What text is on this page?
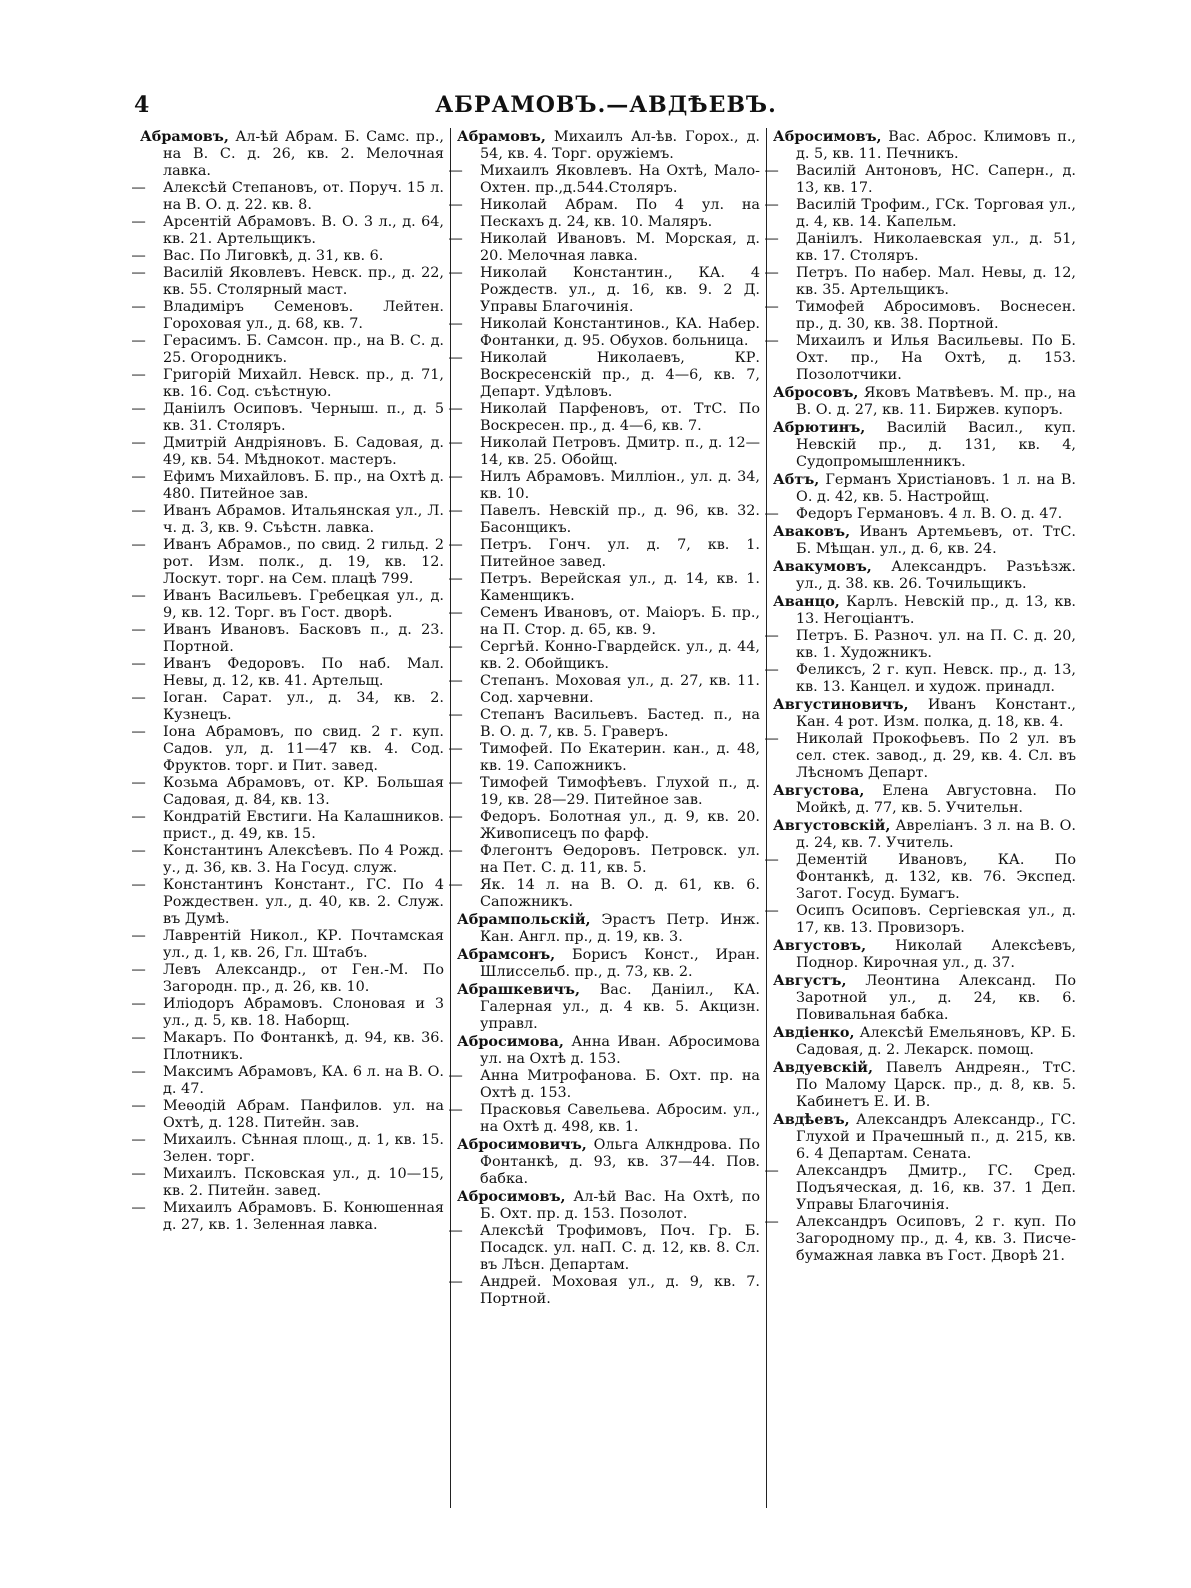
4	АБРАМОВЪ.—АВДѢЕВЪ.

Абрамовъ, Ал-ѣй Абрам. Б. Самс. пр., на В. С. д. 26, кв. 2. Мелочная лавка.

— Алексѣй Степановъ, от. Поруч. 15 л. на В. О. д. 22. кв. 8.

— Арсентій Абрамовъ. В. О. 3 л., д. 64, кв. 21. Артельщикъ.

— Вас. По Лиговкѣ, д. 31, кв. 6.

— Василій Яковлевъ. Невск. пр., д. 22, кв. 55. Столярный маст.

— Владиміръ Семеновъ. Лейтен. Гороховая ул., д. 68, кв. 7.

— Герасимъ. Б. Самсон. пр., на В. С. д. 25. Огородникъ.

— Григорій Михайл. Невск. пр., д. 71, кв. 16. Сод. съѣстную.

— Даніилъ Осиповъ. Черныш. п., д. 5 кв. 31. Столяръ.

— Дмитрій Андріяновъ. Б. Садовая, д. 49, кв. 54. Мѣднокот. мастеръ.

— Ефимъ Михайловъ. Б. пр., на Охтѣ д. 480. Питейное зав.

— Иванъ Абрамов. Итальянская ул., Л. ч. д. 3, кв. 9. Съѣстн. лавка.

— Иванъ Абрамов., по свид. 2 гильд. 2 рот. Изм. полк., д. 19, кв. 12. Лоскут. торг. на Сем. плацѣ 799.

— Иванъ Васильевъ. Гребецкая ул., д. 9, кв. 12. Торг. въ Гост. дворѣ.

— Иванъ Ивановъ. Басковъ п., д. 23. Портной.

— Иванъ Федоровъ. По наб. Мал. Невы, д. 12, кв. 41. Артельщ.

— Іоган. Сарат. ул., д. 34, кв. 2. Кузнецъ.

— Іона Абрамовъ, по свид. 2 г. куп. Садов. ул, д. 11—47 кв. 4. Сод. Фруктов. торг. и Пит. завед.

— Козьма Абрамовъ, от. КР. Большая Садовая, д. 84, кв. 13.

— Кондратій Евстиги. На Калашников. прист., д. 49, кв. 15.

— Константинъ Алексѣевъ. По 4 Рожд. у., д. 36, кв. 3. На Госуд. служ.

— Константинъ Констант., ГС. По 4 Рождествен. ул., д. 40, кв. 2. Служ. въ Думѣ.

— Лаврентій Никол., КР. Почтамская ул., д. 1, кв. 26, Гл. Штабъ.

— Левъ Александр., от Ген.-М. По Загородн. пр., д. 26, кв. 10.

— Иліодоръ Абрамовъ. Слоновая и 3 ул., д. 5, кв. 18. Наборщ.

— Макаръ. По Фонтанкѣ, д. 94, кв. 36. Плотникъ.

— Максимъ Абрамовъ, КА. 6 л. на В. О. д. 47.

— Меѳодій Абрам. Панфилов. ул. на Охтѣ, д. 128. Питейн. зав.

— Михаилъ. Сѣнная площ., д. 1, кв. 15. Зелен. торг.

— Михаилъ. Псковская ул., д. 10—15, кв. 2. Питейн. завед.

— Михаилъ Абрамовъ. Б. Конюшенная д. 27, кв. 1. Зеленная лавка.

Абрамовъ, Михаилъ Ал-ѣв. Горох., д. 54, кв. 4. Торг. оружіемъ.

— Михаилъ Яковлевъ. На Охтѣ, Мало-Охтен. пр.,д.544.Столяръ.

— Николай Абрам. По 4 ул. на Пескахъ д. 24, кв. 10. Маляръ.

— Николай Ивановъ. М. Морская, д. 20. Мелочная лавка.

— Николай Константин., КА. 4 Рождеств. ул., д. 16, кв. 9. 2 Д. Управы Благочинія.

— Николай Константинов., КА. Набер. Фонтанки, д. 95. Обухов. больница.

— Николай Николаевъ, КР. Воскресенскій пр., д. 4—6, кв. 7, Департ. Удѣловъ.

— Николай Парфеновъ, от. ТтС. По Воскресен. пр., д. 4—6, кв. 7.

— Николай Петровъ. Дмитр. п., д. 12—14, кв. 25. Обойщ.

— Нилъ Абрамовъ. Милліон., ул. д. 34, кв. 10.

— Павелъ. Невскій пр., д. 96, кв. 32. Басонщикъ.

— Петръ. Гонч. ул. д. 7, кв. 1. Питейное завед.

— Петръ. Верейская ул., д. 14, кв. 1. Каменщикъ.

— Семенъ Ивановъ, от. Маіоръ. Б. пр., на П. Стор. д. 65, кв. 9.

— Сергѣй. Конно-Гвардейск. ул., д. 44, кв. 2. Обойщикъ.

— Степанъ. Моховая ул., д. 27, кв. 11. Сод. харчевни.

— Степанъ Васильевъ. Бастед. п., на В. О. д. 7, кв. 5. Граверъ.

— Тимофей. По Екатерин. кан., д. 48, кв. 19. Сапожникъ.

— Тимофей Тимофѣевъ. Глухой п., д. 19, кв. 28—29. Питейное зав.

— Федоръ. Болотная ул., д. 9, кв. 20. Живописецъ по фарф.

— Флегонтъ Ѳедоровъ. Петровск. ул. на Пет. С. д. 11, кв. 5.

— Як. 14 л. на В. О. д. 61, кв. 6. Сапожникъ.

Абрампольскій, Эрастъ Петр. Инж. Кан. Англ. пр., д. 19, кв. 3.

Абрамсонъ, Борисъ Конст., Иран. Шлиссельб. пр., д. 73, кв. 2.

Абрашкевичъ, Вас. Даніил., КА. Галерная ул., д. 4 кв. 5. Акцизн. управл.

Абросимова, Анна Иван. Абросимова ул. на Охтѣ д. 153.

— Анна Митрофанова. Б. Охт. пр. на Охтѣ д. 153.

— Прасковья Савельева. Абросим. ул., на Охтѣ д. 498, кв. 1.

Абросимовичъ, Ольга Алкндрова. По Фонтанкѣ, д. 93, кв. 37—44. Пов. бабка.

Абросимовъ, Ал-ѣй Вас. На Охтѣ, по Б. Охт. пр. д. 153. Позолот.

— Алексѣй Трофимовъ, Поч. Гр. Б. Посадск. ул. наП. С. д. 12, кв. 8. Сл. въ Лѣсн. Департам.

— Андрей. Моховая ул., д. 9, кв. 7. Портной.

Абросимовъ, Вас. Аброс. Климовъ п., д. 5, кв. 11. Печникъ.

— Василій Антоновъ, НС. Саперн., д. 13, кв. 17.

— Василій Трофим., ГСк. Торговая ул., д. 4, кв. 14. Капельм.

— Даніилъ. Николаевская ул., д. 51, кв. 17. Столяръ.

— Петръ. По набер. Мал. Невы, д. 12, кв. 35. Артельщикъ.

— Тимофей Абросимовъ. Воснесен. пр., д. 30, кв. 38. Портной.

— Михаилъ и Илья Васильевы. По Б. Охт. пр., На Охтѣ, д. 153. Позолотчики.

Абросовъ, Яковъ Матвѣевъ. М. пр., на В. О. д. 27, кв. 11. Биржев. купоръ.

Абрютинъ, Василій Васил., куп. Невскій пр., д. 131, кв. 4, Судопромышленникъ.

Абтъ, Германъ Христіановъ. 1 л. на В. О. д. 42, кв. 5. Настройщ.

— Федоръ Германовъ. 4 л. В. О. д. 47.

Аваковъ, Иванъ Артемьевъ, от. ТтС. Б. Мѣщан. ул., д. 6, кв. 24.

Авакумовъ, Александръ. Разъѣзж. ул., д. 38. кв. 26. Точильщикъ.

Аванцо, Карлъ. Невскій пр., д. 13, кв. 13. Негоціантъ.

— Петръ. Б. Разноч. ул. на П. С. д. 20, кв. 1. Художникъ.

— Феликсъ, 2 г. куп. Невск. пр., д. 13, кв. 13. Канцел. и худож. принадл.

Августиновичъ, Иванъ Констант., Кан. 4 рот. Изм. полка, д. 18, кв. 4.

— Николай Прокофьевъ. По 2 ул. въ сел. стек. завод., д. 29, кв. 4. Сл. въ Лѣсномъ Департ.

Августова, Елена Августовна. По Мойкѣ, д. 77, кв. 5. Учительн.

Августовскій, Авреліанъ. 3 л. на В. О. д. 24, кв. 7. Учитель.

— Дементій Ивановъ, КА. По Фонтанкѣ, д. 132, кв. 76. Экспед. Загот. Госуд. Бумагъ.

— Осипъ Осиповъ. Сергіевская ул., д. 17, кв. 13. Провизоръ.

Августовъ, Николай Алексѣевъ, Поднор. Кирочная ул., д. 37.

Августъ, Леонтина Александ. По Заротной ул., д. 24, кв. 6. Повивальная бабка.

Авдіенко, Алексѣй Емельяновъ, КР. Б. Садовая, д. 2. Лекарск. помощ.

Авдуевскій, Павелъ Андреян., ТтС. По Малому Царск. пр., д. 8, кв. 5. Кабинетъ Е. И. В.

Авдѣевъ, Александръ Александр., ГС. Глухой и Прачешный п., д. 215, кв. 6. 4 Департам. Сената.

— Александръ Дмитр., ГС. Сред. Подъяческая, д. 16, кв. 37. 1 Деп. Управы Благочинія.

— Александръ Осиповъ, 2 г. куп. По Загородному пр., д. 4, кв. 3. Писче-бумажная лавка въ Гост. Дворѣ 21.
